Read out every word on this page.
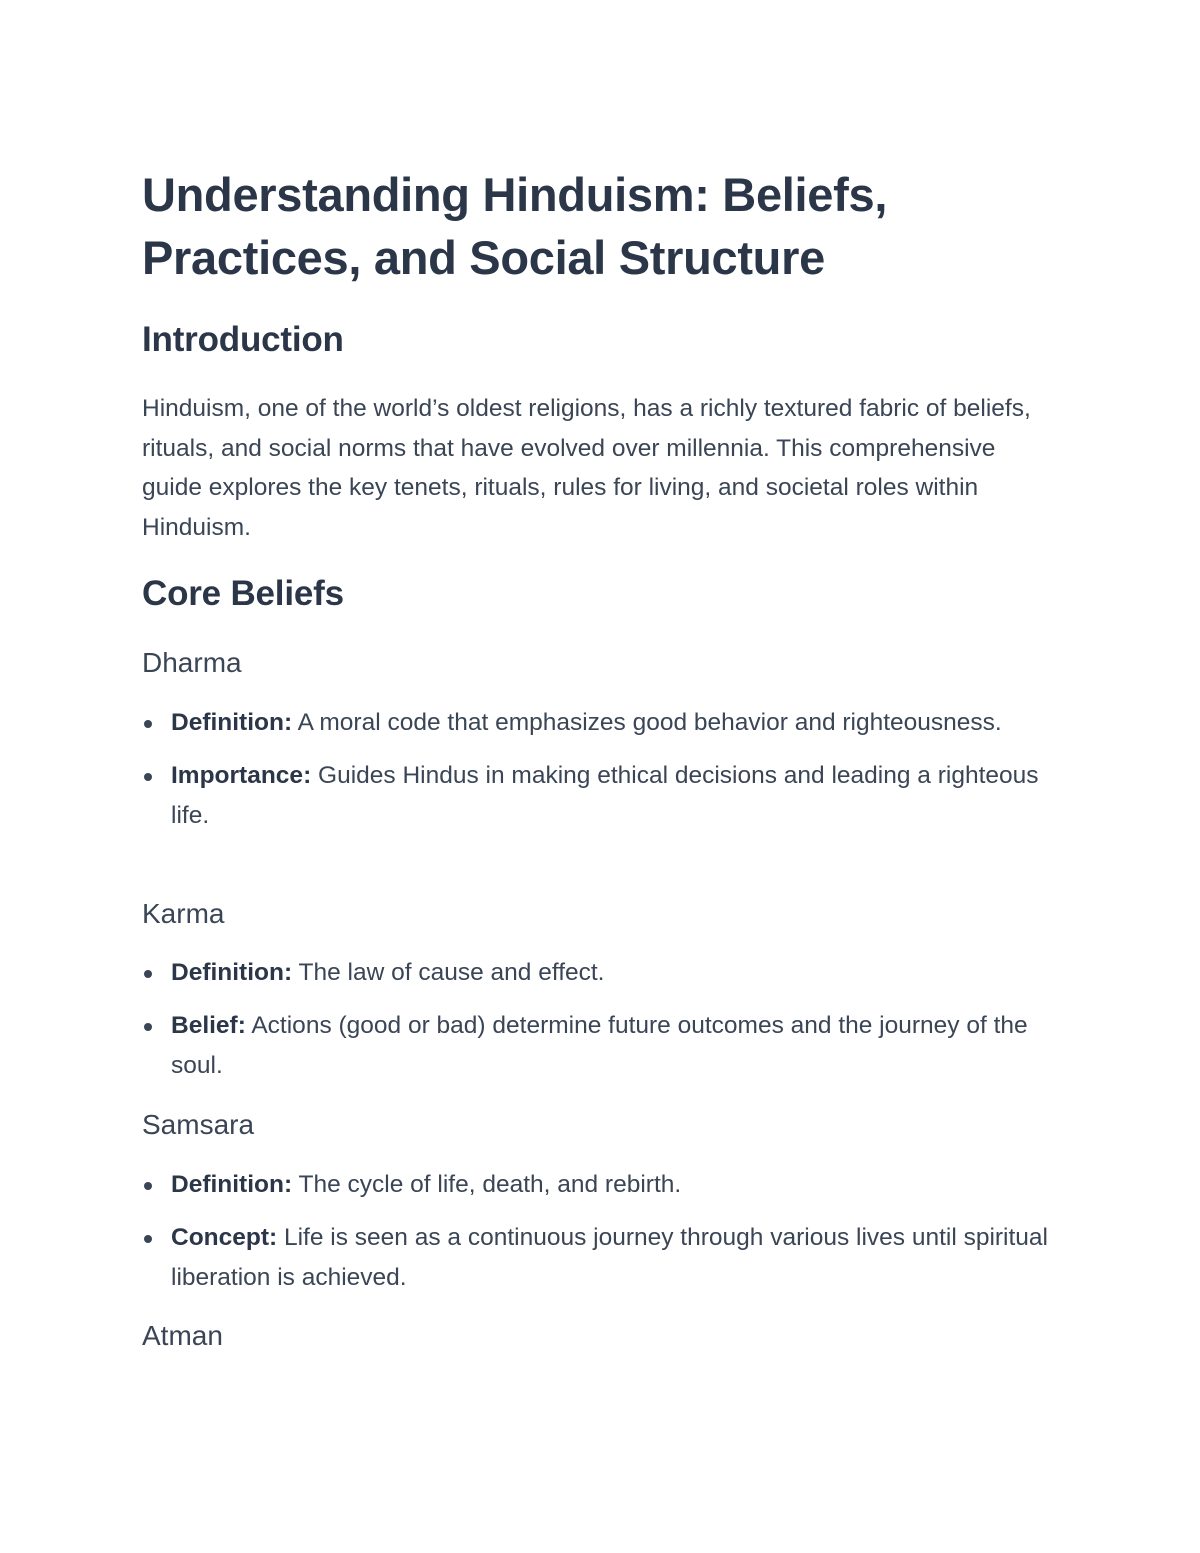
Understanding Hinduism: Beliefs, Practices, and Social Structure
Introduction

Hinduism, one of the world’s oldest religions, has a richly textured fabric of beliefs, rituals, and social norms that have evolved over millennia. This comprehensive guide explores the key tenets, rituals, rules for living, and societal roles within Hinduism.

Core Beliefs
Dharma
Definition: A moral code that emphasizes good behavior and righteousness.
Importance: Guides Hindus in making ethical decisions and leading a righteous life.
Karma
Definition: The law of cause and effect.
Belief: Actions (good or bad) determine future outcomes and the journey of the soul.
Samsara
Definition: The cycle of life, death, and rebirth.
Concept: Life is seen as a continuous journey through various lives until spiritual liberation is achieved.
Atman
